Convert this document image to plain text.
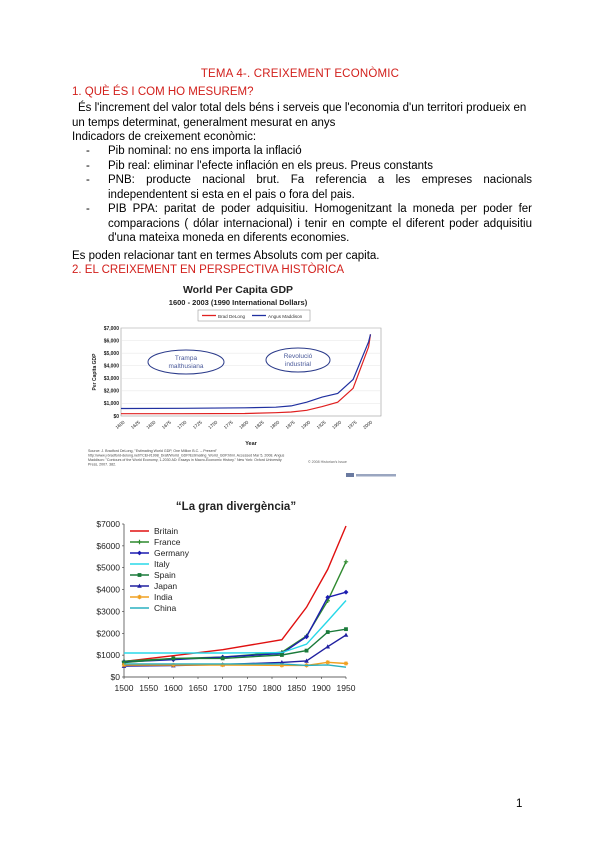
TEMA 4-. CREIXEMENT ECONÒMIC
1. QUÈ ÉS I COM HO MESUREM?
És l'increment del valor total dels béns i serveis que l'economia d'un territori produeix en un temps determinat, generalment mesurat en anys
Indicadors de creixement econòmic:
- Pib nominal: no ens importa la inflació
- Pib real: eliminar l'efecte inflación en els preus. Preus constants
- PNB: producte nacional brut. Fa referencia a les empreses nacionals independentent si esta en el pais o fora del pais.
- PIB PPA: paritat de poder adquisitiu. Homogenitzant la moneda per poder fer comparacions ( dólar internacional) i tenir en compte el diferent poder adquisitiu d'una mateixa moneda en diferents economies.
Es poden relacionar tant en termes Absoluts com per capita.
2. EL CREIXEMENT EN PERSPECTIVA HISTÒRICA
World Per Capita GDP
1600 - 2003 (1990 International Dollars)
Brad DeLong	Angus Maddison
$0
$1,000
$2,000
$3,000
$4,000
$5,000
$6,000
$7,000
1600 1625 1650 1675 1700 1725 1750 1775 1800 1825 1850 1875 1900 1925 1950 1975 2000
Trampa
malthusiana
Revolució
industrial
Per Capita GDP
Year
Source: J. Bradford DeLong, "Estimating World GDP, One Million B.C. – Present" http://www.j-bradford-delong.net/TCEH/1998_Draft/World_GDP/Estimating_World_GDP.html. Accessed Mar 5, 2008. Angus Maddison: "Contours of the World Economy, 1-2030 AD: Essays in Macro-Economic History." New York: Oxford University Press, 2007. 382.
© 2008 Historian's Issue
“La gran divergència”
$0
$1000
$2000
$3000
$4000
$5000
$6000
$7000
1500 1550 1600 1650 1700 1750 1800 1850 1900 1950
Britain
France
Germany
Italy
Spain
Japan
India
China
1
